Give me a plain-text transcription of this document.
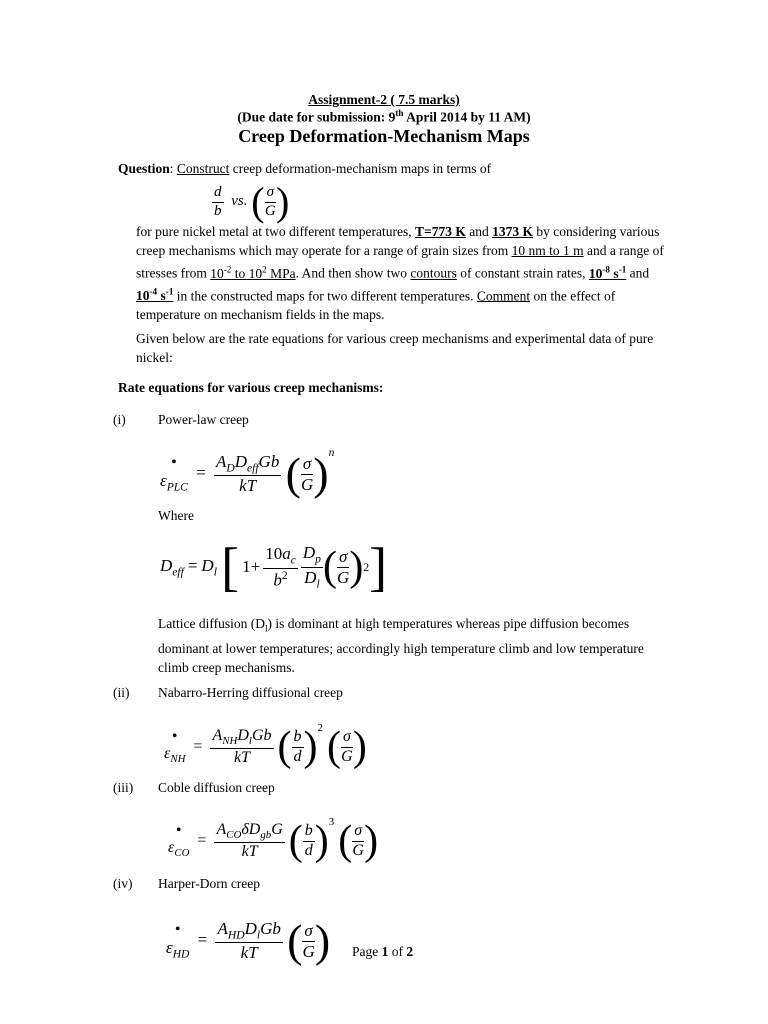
Assignment-2 ( 7.5 marks)
(Due date for submission: 9th April 2014 by 11 AM)
Creep Deformation-Mechanism Maps
Question: Construct creep deformation-mechanism maps in terms of
$\frac{d}{b}$ vs. ( $\frac{\sigma}{G}$ )
for pure nickel metal at two different temperatures, T=773 K and 1373 K by considering various
creep mechanisms which may operate for a range of grain sizes from 10 nm to 1 m and a range of
stresses from $10^{-2}$ to $10^2$ MPa. And then show two contours of constant strain rates, $10^{-8}$ $s^{-1}$ and
$10^{-4}$ $s^{-1}$ in the constructed maps for two different temperatures. Comment on the effect of
temperature on mechanism fields in the maps.
Given below are the rate equations for various creep mechanisms and experimental data of pure
nickel:
Rate equations for various creep mechanisms:
(i) Power-law creep
•
$\varepsilon_{PLC}$
= $\frac{A_DD_{eff}Gb}{kT}$
( $\frac{\sigma}{G}$ ) $^n$
Where
$D_{eff} = D_l$ [ $1+ \frac{10a_c}{b^2} \frac{D_p}{D_l}$ ( $\frac{\sigma}{G}$ ) 2 ]
Lattice diffusion $(D_l)$ is dominant at high temperatures whereas pipe diffusion becomes
dominant at lower temperatures; accordingly high temperature climb and low temperature
climb creep mechanisms.
(ii) Nabarro-Herring diffusional creep
•
$\varepsilon_{NH}$
= $\frac{A_{NH}D_lGb}{kT}$
( $\frac{b}{d}$ ) $^2$ ( $\frac{\sigma}{G}$ )
(iii) Coble diffusion creep
•
$\varepsilon_{CO}$
= $\frac{A_{CO}\delta D_{gb}G}{kT}$
( $\frac{b}{d}$ ) $^3$ ( $\frac{\sigma}{G}$ )
(iv) Harper-Dorn creep
•
$\varepsilon_{HD}$
= $\frac{A_{HD}D_lGb}{kT}$
( $\frac{\sigma}{G}$ ) Page 1 of 2
